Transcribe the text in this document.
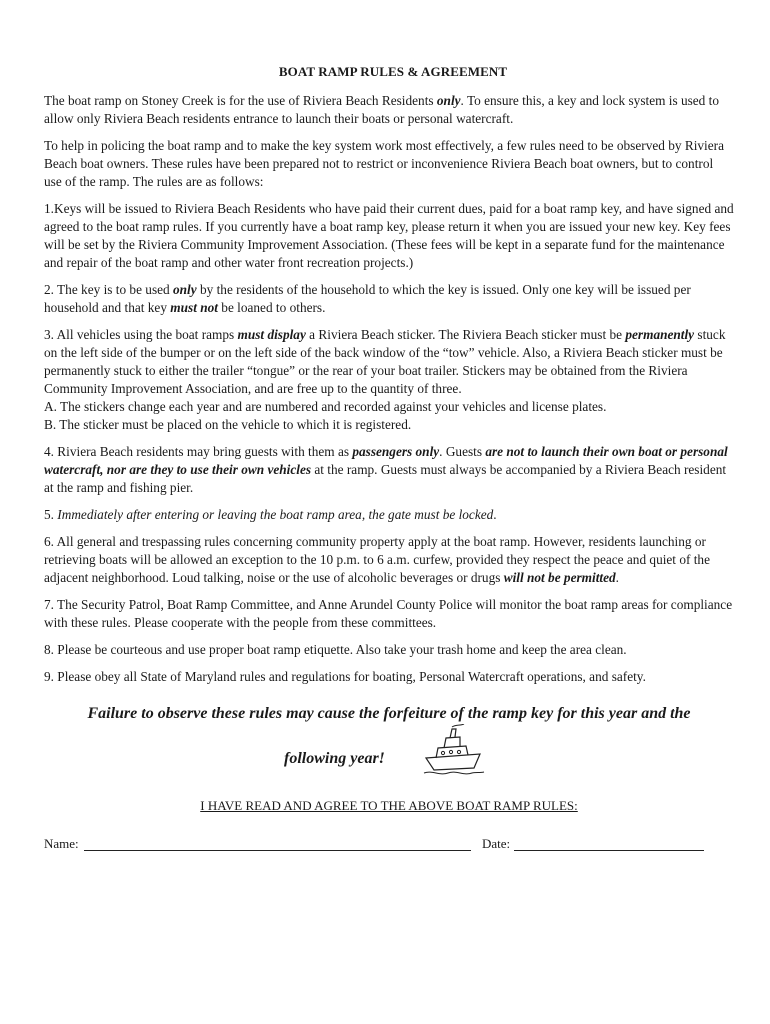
BOAT RAMP RULES & AGREEMENT

The boat ramp on Stoney Creek is for the use of Riviera Beach Residents only. To ensure this, a key and lock system is used to allow only Riviera Beach residents entrance to launch their boats or personal watercraft.

To help in policing the boat ramp and to make the key system work most effectively, a few rules need to be observed by Riviera Beach boat owners. These rules have been prepared not to restrict or inconvenience Riviera Beach boat owners, but to control use of the ramp. The rules are as follows:

1.Keys will be issued to Riviera Beach Residents who have paid their current dues, paid for a boat ramp key, and have signed and agreed to the boat ramp rules. If you currently have a boat ramp key, please return it when you are issued your new key. Key fees will be set by the Riviera Community Improvement Association. (These fees will be kept in a separate fund for the maintenance and repair of the boat ramp and other water front recreation projects.)

2. The key is to be used only by the residents of the household to which the key is issued. Only one key will be issued per household and that key must not be loaned to others.

3. All vehicles using the boat ramps must display a Riviera Beach sticker. The Riviera Beach sticker must be permanently stuck on the left side of the bumper or on the left side of the back window of the “tow” vehicle. Also, a Riviera Beach sticker must be permanently stuck to either the trailer “tongue” or the rear of your boat trailer. Stickers may be obtained from the Riviera Community Improvement Association, and are free up to the quantity of three.
A. The stickers change each year and are numbered and recorded against your vehicles and license plates.
B. The sticker must be placed on the vehicle to which it is registered.

4. Riviera Beach residents may bring guests with them as passengers only. Guests are not to launch their own boat or personal watercraft, nor are they to use their own vehicles at the ramp. Guests must always be accompanied by a Riviera Beach resident at the ramp and fishing pier.

5. Immediately after entering or leaving the boat ramp area, the gate must be locked.

6. All general and trespassing rules concerning community property apply at the boat ramp. However, residents launching or retrieving boats will be allowed an exception to the 10 p.m. to 6 a.m. curfew, provided they respect the peace and quiet of the adjacent neighborhood. Loud talking, noise or the use of alcoholic beverages or drugs will not be permitted.

7. The Security Patrol, Boat Ramp Committee, and Anne Arundel County Police will monitor the boat ramp areas for compliance with these rules. Please cooperate with the people from these committees.

8. Please be courteous and use proper boat ramp etiquette. Also take your trash home and keep the area clean.

9. Please obey all State of Maryland rules and regulations for boating, Personal Watercraft operations, and safety.

Failure to observe these rules may cause the forfeiture of the ramp key for this year and the
following year!
I HAVE READ AND AGREE TO THE ABOVE BOAT RAMP RULES:
Name:	Date:
